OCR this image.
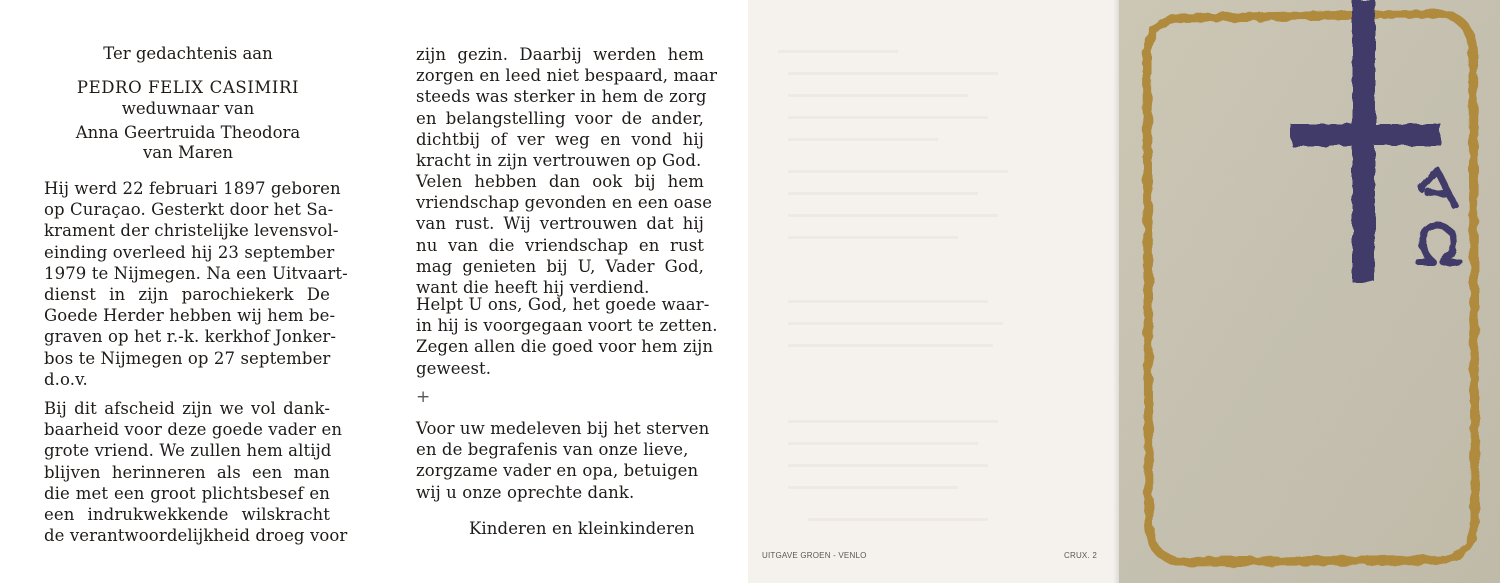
Ter gedachtenis aan
PEDRO FELIX CASIMIRI
weduwnaar van
Anna Geertruida Theodora
van Maren
Hij werd 22 februari 1897 geboren
op Curaçao. Gesterkt door het Sa-
krament der christelijke levensvol-
einding overleed hij 23 september
1979 te Nijmegen. Na een Uitvaart-
dienst in zijn parochiekerk De
Goede Herder hebben wij hem be-
graven op het r.-k. kerkhof Jonker-
bos te Nijmegen op 27 september
d.o.v.
Bij dit afscheid zijn we vol dank-
baarheid voor deze goede vader en
grote vriend. We zullen hem altijd
blijven herinneren als een man
die met een groot plichtsbesef en
een indrukwekkende wilskracht
de verantwoordelijkheid droeg voor
zijn gezin. Daarbij werden hem
zorgen en leed niet bespaard, maar
steeds was sterker in hem de zorg
en belangstelling voor de ander,
dichtbij of ver weg en vond hij
kracht in zijn vertrouwen op God.
Velen hebben dan ook bij hem
vriendschap gevonden en een oase
van rust. Wij vertrouwen dat hij
nu van die vriendschap en rust
mag genieten bij U, Vader God,
want die heeft hij verdiend.
Helpt U ons, God, het goede waar-
in hij is voorgegaan voort te zetten.
Zegen allen die goed voor hem zijn
geweest.
+
Voor uw medeleven bij het sterven
en de begrafenis van onze lieve,
zorgzame vader en opa, betuigen
wij u onze oprechte dank.
Kinderen en kleinkinderen
UITGAVE GROEN - VENLO	CRUX. 2
